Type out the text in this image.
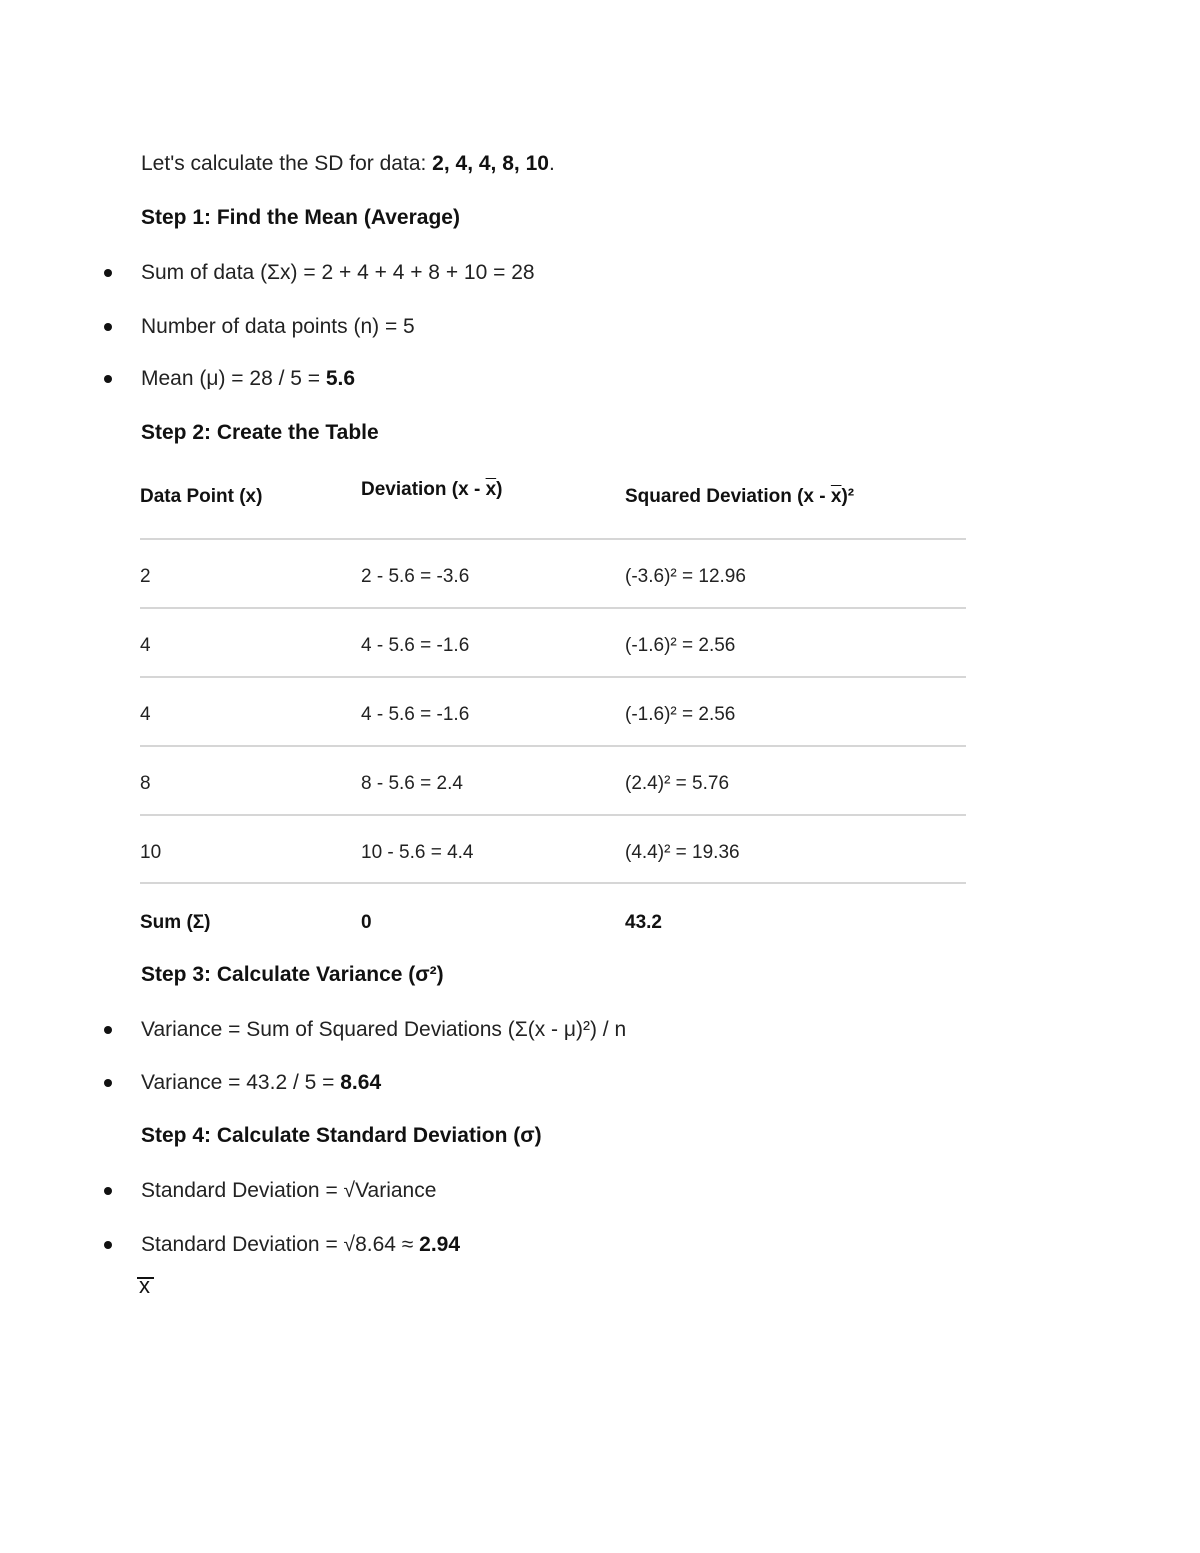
Let's calculate the SD for data: 2, 4, 4, 8, 10.
Step 1: Find the Mean (Average)
Sum of data (Σx) = 2 + 4 + 4 + 8 + 10 = 28
Number of data points (n) = 5
Mean (μ) = 28 / 5 = 5.6
Step 2: Create the Table
Data Point (x)	Deviation $(x - \overline{x})$	Squared Deviation $(x - \overline{x})^2$
2	2 - 5.6 = -3.6	(-3.6)² = 12.96
4	4 - 5.6 = -1.6	(-1.6)² = 2.56
4	4 - 5.6 = -1.6	(-1.6)² = 2.56
8	8 - 5.6 = 2.4	(2.4)² = 5.76
10	10 - 5.6 = 4.4	(4.4)² = 19.36
Sum (Σ)	0	43.2
Step 3: Calculate Variance (σ²)
Variance = Sum of Squared Deviations (Σ(x - μ)²) / n
Variance = 43.2 / 5 = 8.64
Step 4: Calculate Standard Deviation (σ)
Standard Deviation = √Variance
Standard Deviation = √8.64 ≈ 2.94
x
